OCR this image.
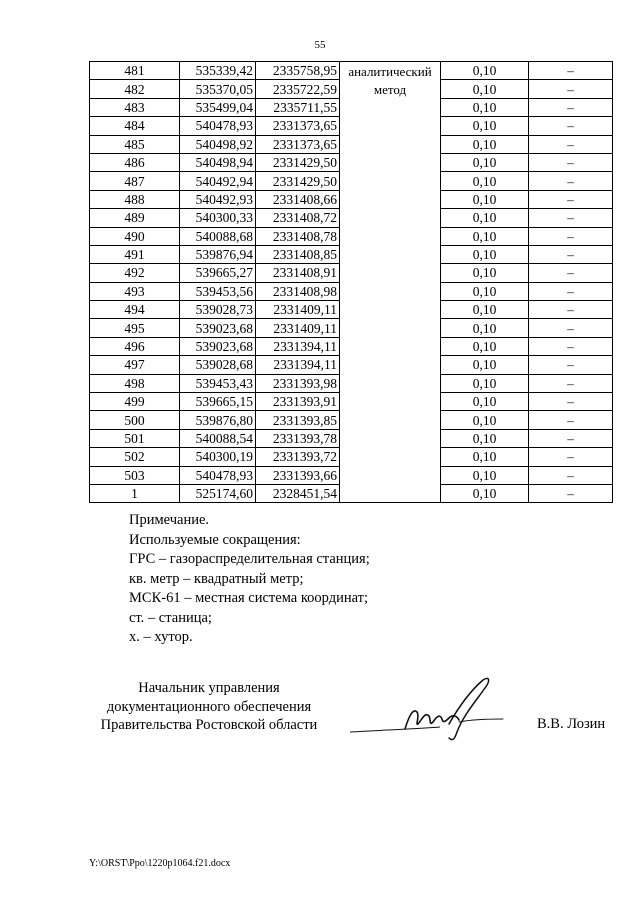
55
481	535339,42	2335758,95	аналитический метод	0,10	–
482	535370,05	2335722,59		0,10	–
483	535499,04	2335711,55		0,10	–
484	540478,93	2331373,65		0,10	–
485	540498,92	2331373,65		0,10	–
486	540498,94	2331429,50		0,10	–
487	540492,94	2331429,50		0,10	–
488	540492,93	2331408,66		0,10	–
489	540300,33	2331408,72		0,10	–
490	540088,68	2331408,78		0,10	–
491	539876,94	2331408,85		0,10	–
492	539665,27	2331408,91		0,10	–
493	539453,56	2331408,98		0,10	–
494	539028,73	2331409,11		0,10	–
495	539023,68	2331409,11		0,10	–
496	539023,68	2331394,11		0,10	–
497	539028,68	2331394,11		0,10	–
498	539453,43	2331393,98		0,10	–
499	539665,15	2331393,91		0,10	–
500	539876,80	2331393,85		0,10	–
501	540088,54	2331393,78		0,10	–
502	540300,19	2331393,72		0,10	–
503	540478,93	2331393,66		0,10	–
1	525174,60	2328451,54		0,10	–
Примечание.
Используемые сокращения:
ГРС – газораспределительная станция;
кв. метр – квадратный метр;
МСК-61 – местная система координат;
ст. – станица;
х. – хутор.
Начальник управления
документационного обеспечения
Правительства Ростовской области	В.В. Лозин
Y:\ORST\Ppo\1220p1064.f21.docx
